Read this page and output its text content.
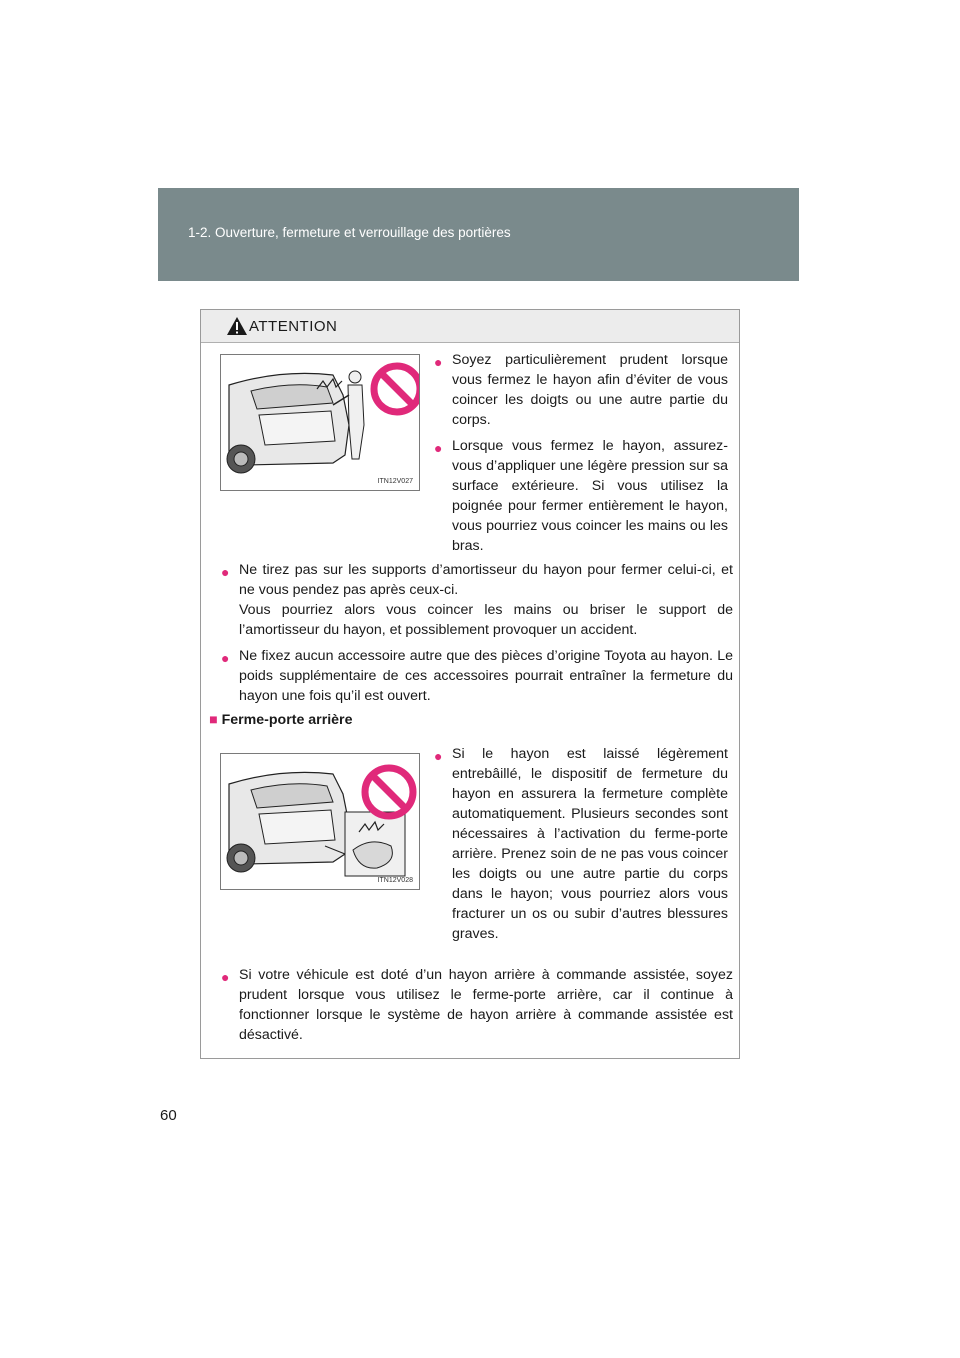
1-2. Ouverture, fermeture et verrouillage des portières
ATTENTION
ITN12V027
● Soyez particulièrement prudent lorsque vous fermez le hayon afin d’éviter de vous coincer les doigts ou une autre partie du corps.
● Lorsque vous fermez le hayon, assurez-vous d’appliquer une légère pression sur sa surface extérieure. Si vous utilisez la poignée pour fermer entièrement le hayon, vous pourriez vous coincer les mains ou les bras.
● Ne tirez pas sur les supports d’amortisseur du hayon pour fermer celui-ci, et ne vous pendez pas après ceux-ci.
Vous pourriez alors vous coincer les mains ou briser le support de l’amortisseur du hayon, et possiblement provoquer un accident.
● Ne fixez aucun accessoire autre que des pièces d’origine Toyota au hayon. Le poids supplémentaire de ces accessoires pourrait entraîner la fermeture du hayon une fois qu’il est ouvert.
■ Ferme-porte arrière
ITN12V028
● Si le hayon est laissé légèrement entrebâillé, le dispositif de fermeture du hayon en assurera la fermeture complète automatiquement. Plusieurs secondes sont nécessaires à l’activation du ferme-porte arrière. Prenez soin de ne pas vous coincer les doigts ou une autre partie du corps dans le hayon; vous pourriez alors vous fracturer un os ou subir d’autres blessures graves.
● Si votre véhicule est doté d’un hayon arrière à commande assistée, soyez prudent lorsque vous utilisez le ferme-porte arrière, car il continue à fonctionner lorsque le système de hayon arrière à commande assistée est désactivé.
60
